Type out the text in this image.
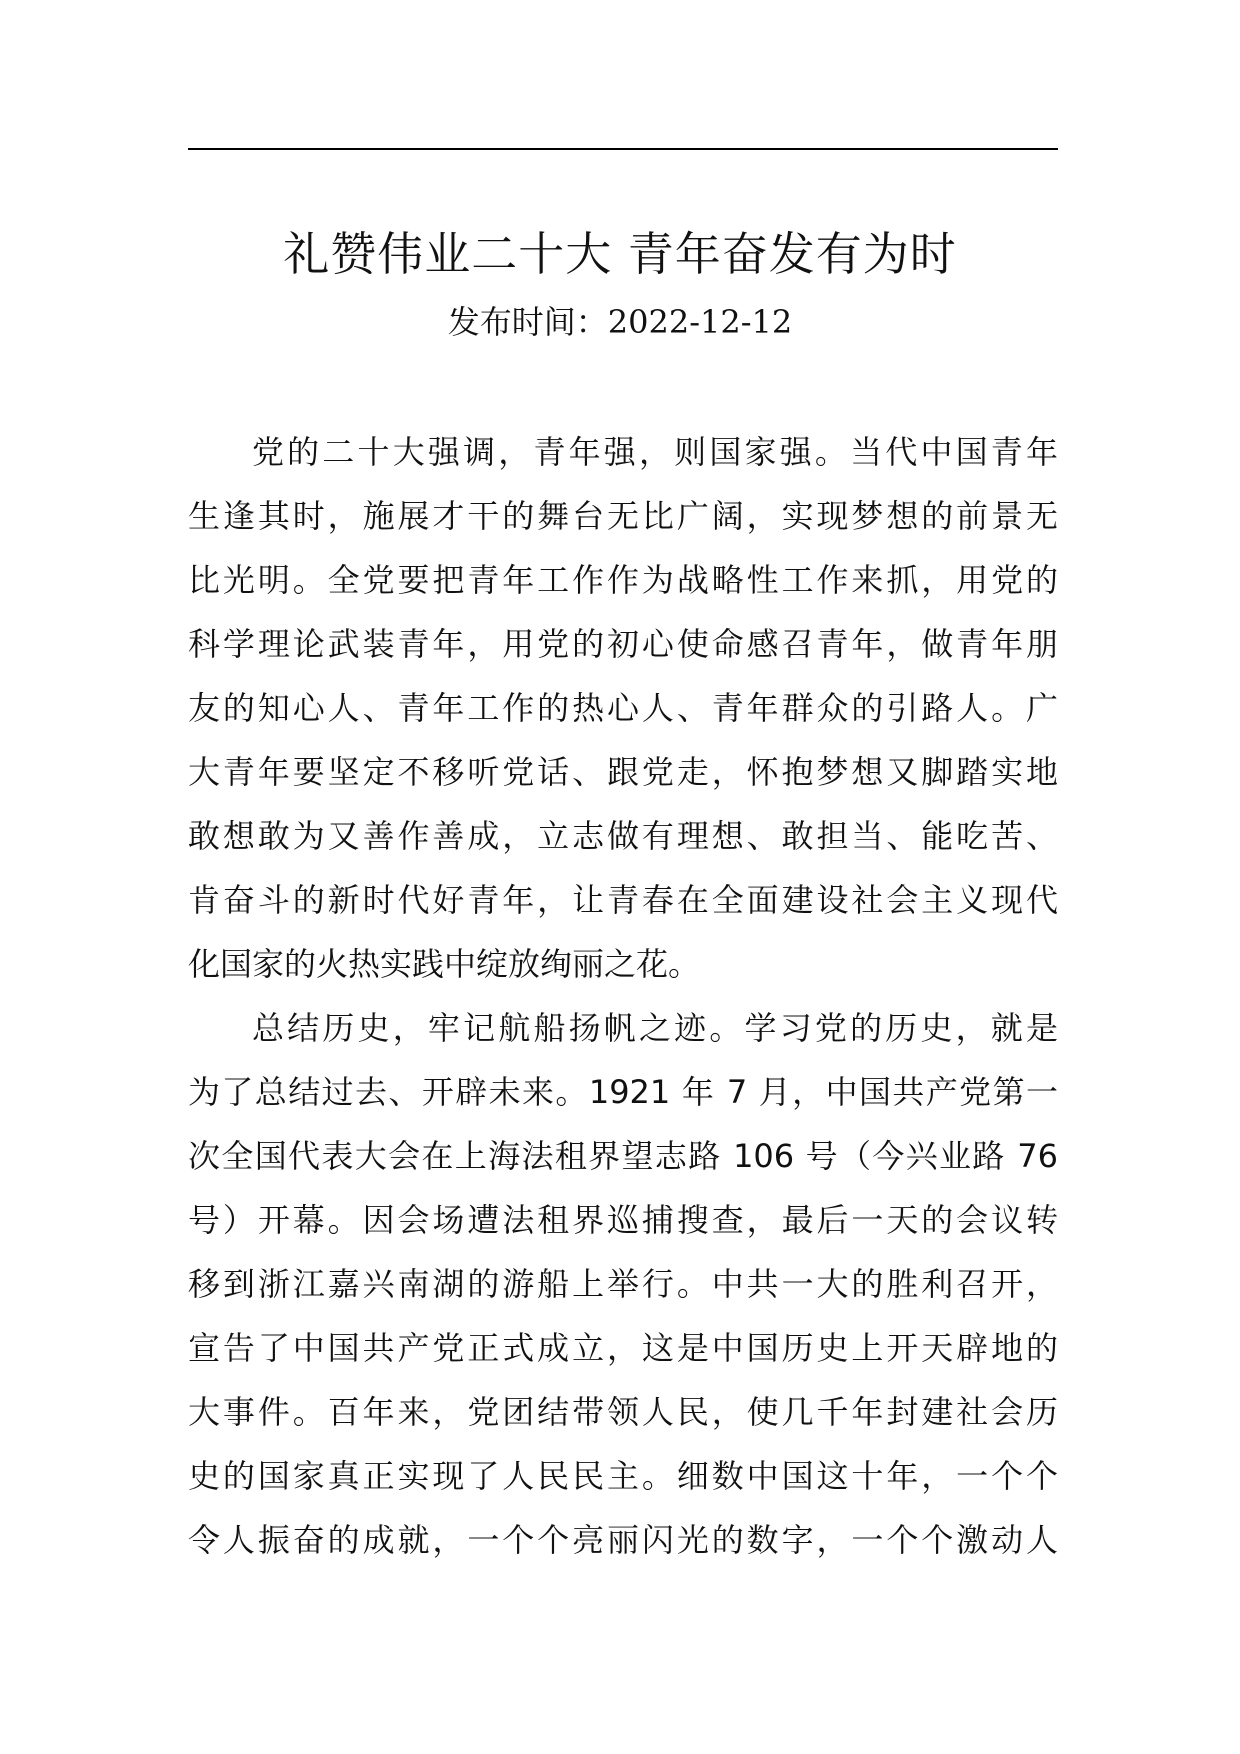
礼赞伟业二十大 青年奋发有为时
发布时间：2022-12-12
党的二十大强调，青年强，则国家强。当代中国青年
生逢其时，施展才干的舞台无比广阔，实现梦想的前景无
比光明。全党要把青年工作作为战略性工作来抓，用党的
科学理论武装青年，用党的初心使命感召青年，做青年朋
友的知心人、青年工作的热心人、青年群众的引路人。广
大青年要坚定不移听党话、跟党走，怀抱梦想又脚踏实地
敢想敢为又善作善成，立志做有理想、敢担当、能吃苦、
肯奋斗的新时代好青年，让青春在全面建设社会主义现代
化国家的火热实践中绽放绚丽之花。
总结历史，牢记航船扬帆之迹。学习党的历史，就是
为了总结过去、开辟未来。1921 年 7 月，中国共产党第一
次全国代表大会在上海法租界望志路 106 号（今兴业路 76
号）开幕。因会场遭法租界巡捕搜查，最后一天的会议转
移到浙江嘉兴南湖的游船上举行。中共一大的胜利召开，
宣告了中国共产党正式成立，这是中国历史上开天辟地的
大事件。百年来，党团结带领人民，使几千年封建社会历
史的国家真正实现了人民民主。细数中国这十年，一个个
令人振奋的成就，一个个亮丽闪光的数字，一个个激动人
